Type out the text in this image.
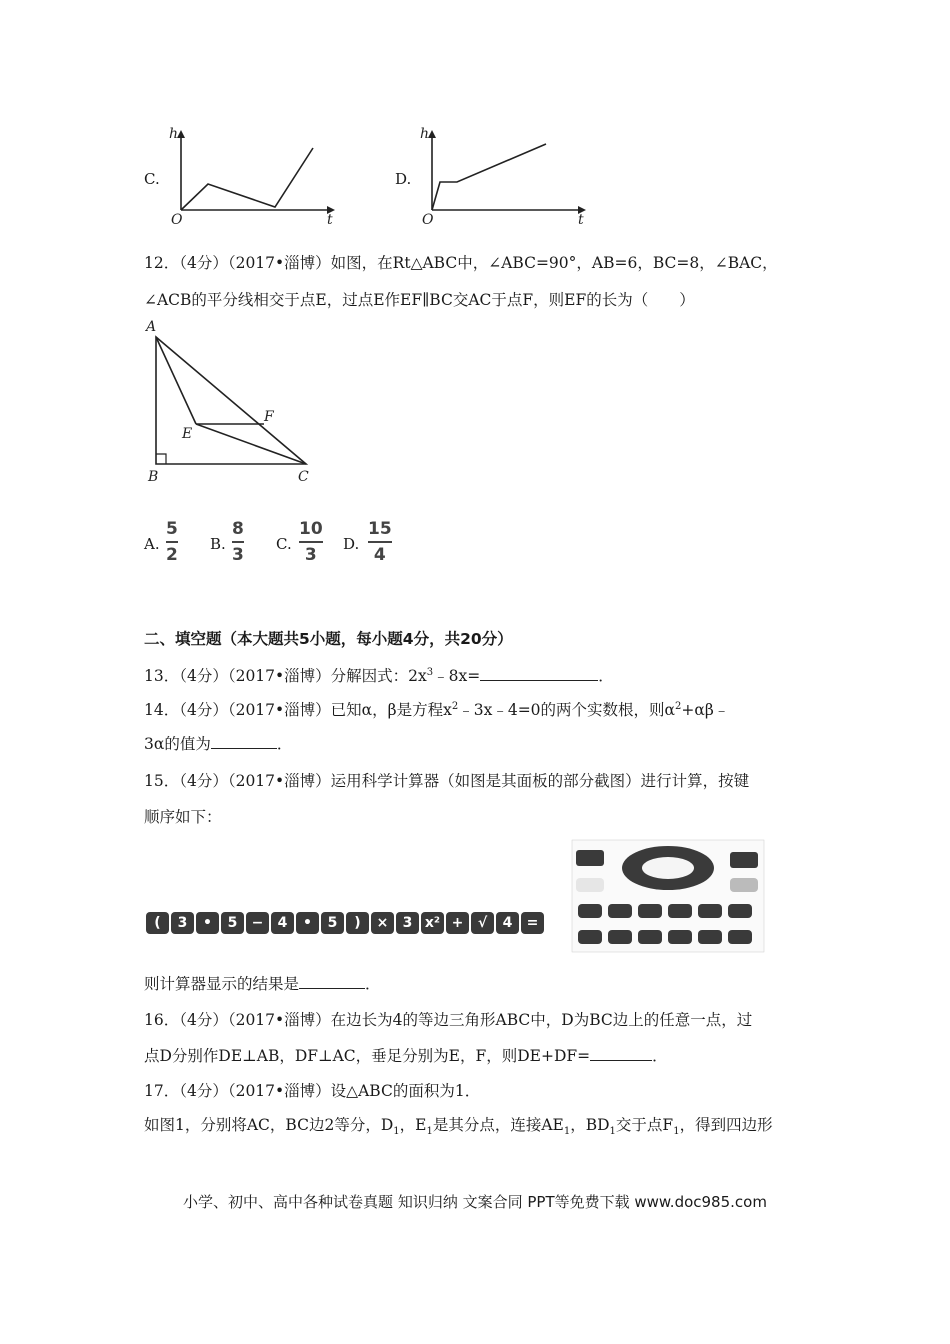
C.
h
O	t
D.
h
O	t
12．（4分）（2017•淄博）如图，在Rt△ABC中，∠ABC=90°，AB=6，BC=8，∠BAC，
∠ACB的平分线相交于点E，过点E作EF∥BC交AC于点F，则EF的长为（　　）
A
B	C
E
F
A.
5
2
B.
8
3
C.
10
3
D.
15
4
二、填空题（本大题共5小题，每小题4分，共20分）
13．（4分）（2017•淄博）分解因式：$2x^3﹣8x=$	．
14．（4分）（2017•淄博）已知α，β是方程$x^2﹣3x﹣4=0$的两个实数根，则$\alpha^2+\alpha\beta﹣$
3α的值为	．
15．（4分）（2017•淄博）运用科学计算器（如图是其面板的部分截图）进行计算，按键
顺序如下：
(	3	•	5	−	4	•	5	)	×	3 x² +	√	4	=
则计算器显示的结果是	．
16．（4分）（2017•淄博）在边长为4的等边三角形ABC中，D为BC边上的任意一点，过
点D分别作DE⊥AB，DF⊥AC，垂足分别为E，F，则DE+DF=	．
17．（4分）（2017•淄博）设△ABC的面积为1．
如图1，分别将AC，BC边2等分，$D_1$，$E_1$是其分点，连接$AE_1$，$BD_1$交于点$F_1$，得到四边形
小学、初中、高中各种试卷真题 知识归纳 文案合同 PPT等免费下载 www.doc985.com
